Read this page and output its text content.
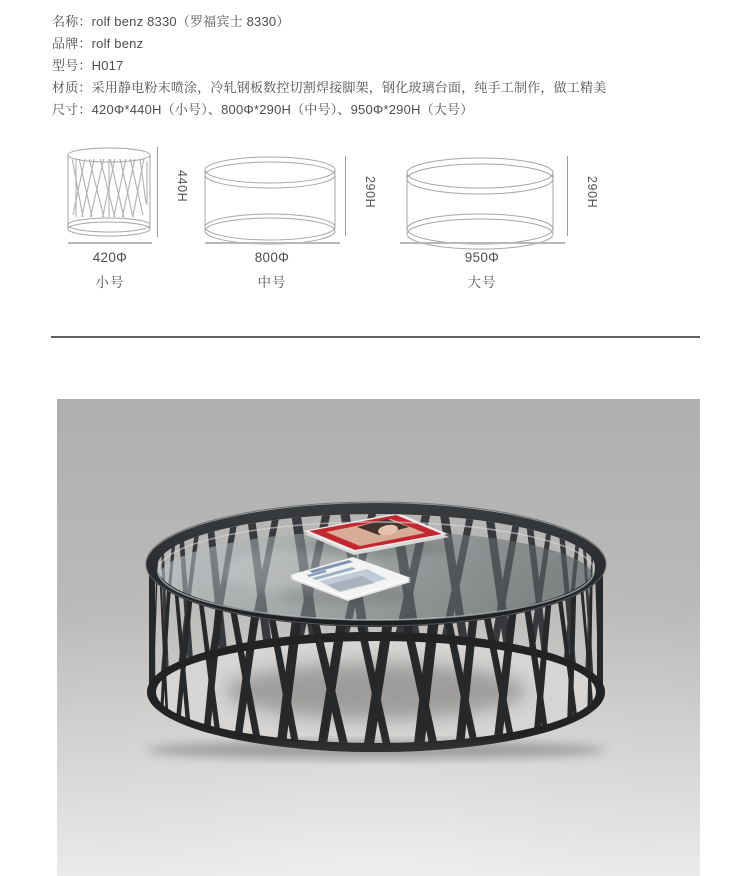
名称： rolf benz 8330（罗福宾士 8330）
品牌： rolf benz
型号： H017
材质： 采用静电粉末喷涂，冷轧钢板数控切割焊接脚架，钢化玻璃台面，纯手工制作，做工精美
尺寸： 420Φ*440H（小号）、800Φ*290H（中号）、950Φ*290H（大号）
440H
420Φ
小号
290H
800Φ
中号
290H
950Φ
大号
